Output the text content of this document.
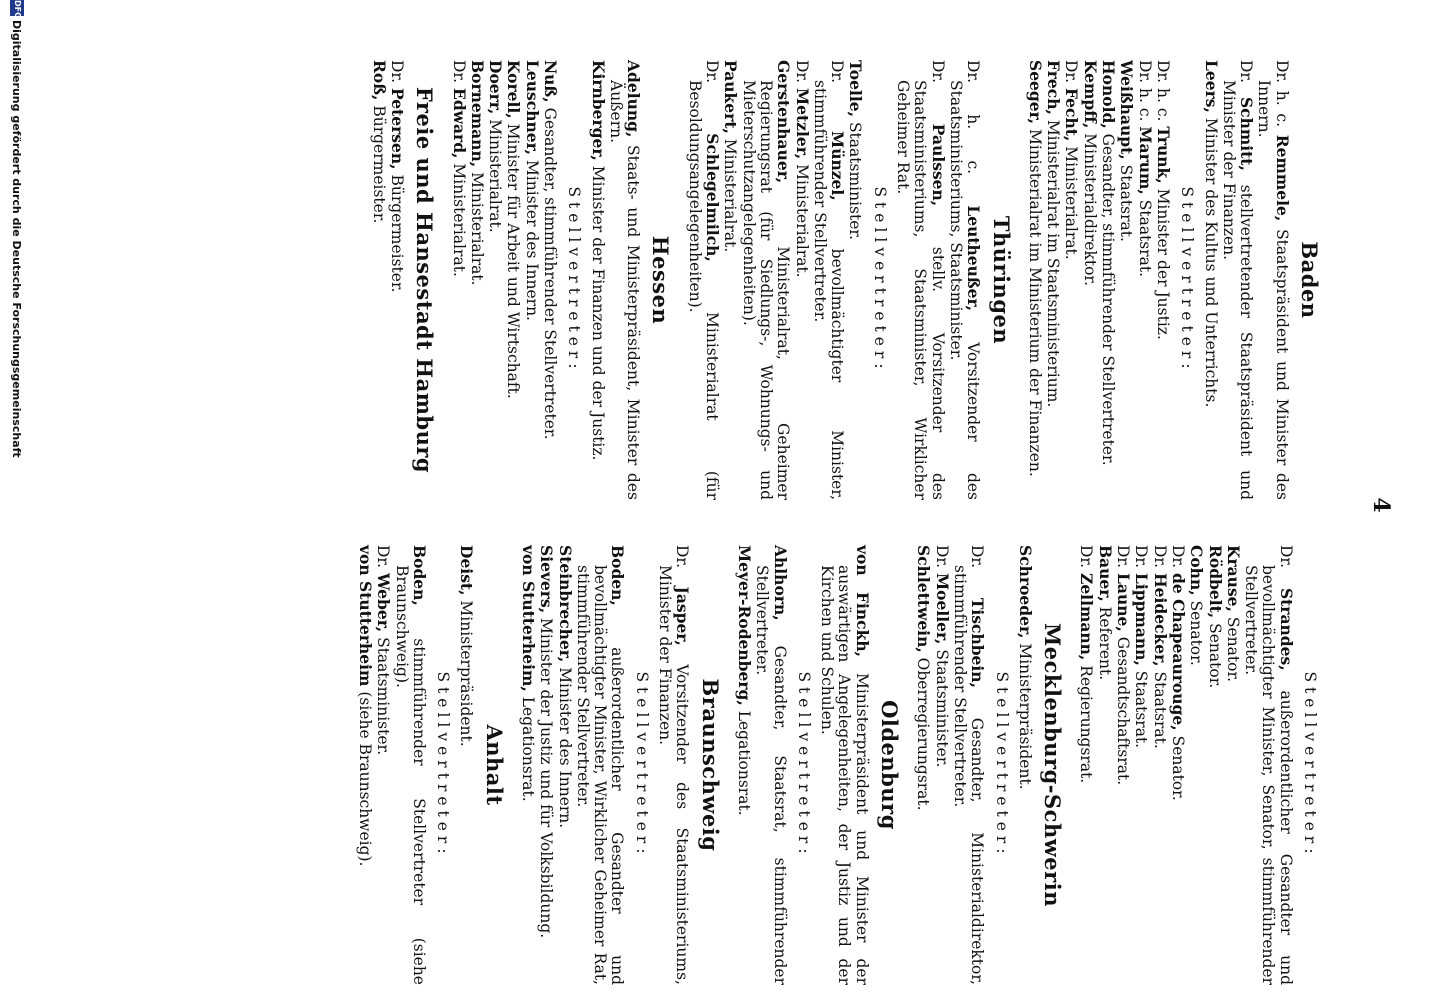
4
Baden

Dr. h. c. Remmele, Staatspräsident und Minister des Innern.

Dr. Schmitt, stellvertretender Staatspräsident und Minister der Finanzen.

Leers, Minister des Kultus und Unterrichts.

Stellvertreter:

Dr. h. c. Trunk, Minister der Justiz.

Dr. h. c. Marum, Staatsrat.

Weißhaupt, Staatsrat.

Honold, Gesandter, stimmführender Stellvertreter.

Kempff, Ministerialdirektor.

Dr. Fecht, Ministerialrat.

Frech, Ministerialrat im Staatsministerium.

Seeger, Ministerialrat im Ministerium der Finanzen.

Thüringen

Dr. h. c. Leutheußer, Vorsitzender des Staatsministeriums, Staatsminister.

Dr. Paulssen, stellv. Vorsitzender des Staatsministeriums, Staatsminister, Wirklicher Geheimer Rat.

Stellvertreter:

Toelle, Staatsminister.

Dr. Münzel, bevollmächtigter Minister, stimmführender Stellvertreter.

Dr. Metzler, Ministerialrat.

Gerstenhauer, Ministerialrat, Geheimer Regierungsrat (für Siedlungs-, Wohnungs- und Mieterschutzangelegenheiten).

Paukert, Ministerialrat.

Dr. Schlegelmilch, Ministerialrat (für Besoldungsangelegenheiten).

Hessen

Adelung, Staats- und Ministerpräsident, Minister des Äußern.

Kirnberger, Minister der Finanzen und der Justiz.

Stellvertreter:

Nuß, Gesandter, stimmführender Stellvertreter.

Leuschner, Minister des Innern.

Korell, Minister für Arbeit und Wirtschaft.

Doerr, Ministerialrat.

Bornemann, Ministerialrat.

Dr. Edward, Ministerialrat.

Freie und Hansestadt Hamburg

Dr. Petersen, Bürgermeister.

Roß, Bürgermeister.

Stellvertreter:

Dr. Strandes, außerordentlicher Gesandter und bevollmächtigter Minister, Senator, stimmführender Stellvertreter.

Krause, Senator.

Rödbelt, Senator.

Cohn, Senator.

Dr. de Chapeaurouge, Senator.

Dr. Heidecker, Staatsrat.

Dr. Lippmann, Staatsrat.

Dr. Laune, Gesandtschaftsrat.

Bauer, Referent.

Dr. Zellmann, Regierungsrat.

Mecklenburg-Schwerin

Schroeder, Ministerpräsident.

Stellvertreter:

Dr. Tischbein, Gesandter, Ministerialdirektor, stimmführender Stellvertreter.

Dr. Moeller, Staatsminister.

Schlettwein, Oberregierungsrat.

Oldenburg

von Finckh, Ministerpräsident und Minister der auswärtigen Angelegenheiten, der Justiz und der Kirchen und Schulen.

Stellvertreter:

Ahlhorn, Gesandter, Staatsrat, stimmführender Stellvertreter.

Meyer-Rodenberg, Legationsrat.

Braunschweig

Dr. Jasper, Vorsitzender des Staatsministeriums, Minister der Finanzen.

Stellvertreter:

Boden, außerordentlicher Gesandter und bevollmächtigter Minister, Wirklicher Geheimer Rat, stimmführender Stellvertreter.

Steinbrecher, Minister des Innern.

Sievers, Minister der Justiz und für Volksbildung.

von Stutterheim, Legationsrat.

Anhalt

Deist, Ministerpräsident.

Stellvertreter:

Boden, stimmführender Stellvertreter (siehe Braunschweig).

Dr. Weber, Staatsminister.

von Stutterheim (siehe Braunschweig).

DFG
Digitalisierung gefördert durch die Deutsche Forschungsgemeinschaft
